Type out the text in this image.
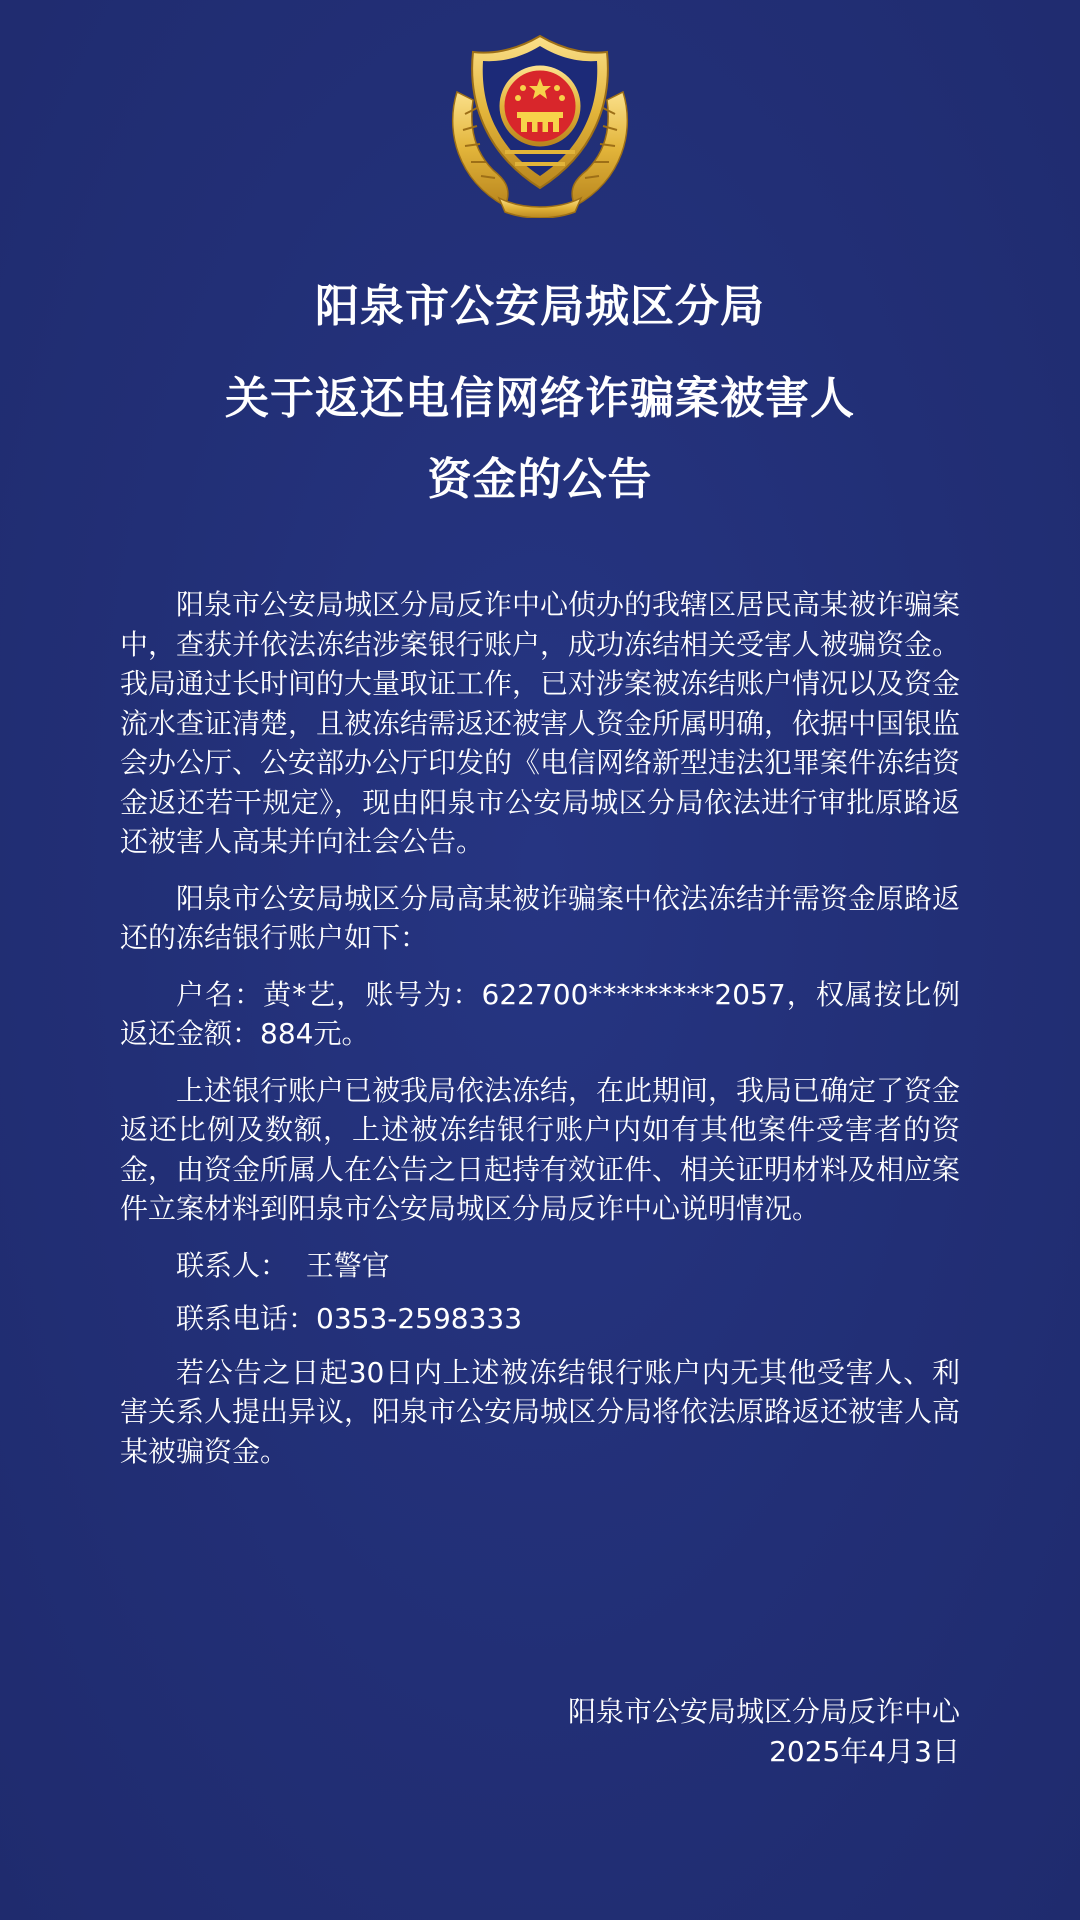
阳泉市公安局城区分局
关于返还电信网络诈骗案被害人
资金的公告

阳泉市公安局城区分局反诈中心侦办的我辖区居民高某被诈骗案中，查获并依法冻结涉案银行账户，成功冻结相关受害人被骗资金。我局通过长时间的大量取证工作，已对涉案被冻结账户情况以及资金流水查证清楚，且被冻结需返还被害人资金所属明确，依据中国银监会办公厅、公安部办公厅印发的《电信网络新型违法犯罪案件冻结资金返还若干规定》，现由阳泉市公安局城区分局依法进行审批原路返还被害人高某并向社会公告。

阳泉市公安局城区分局高某被诈骗案中依法冻结并需资金原路返还的冻结银行账户如下：

户名：黄*艺，账号为：622700*********2057，权属按比例返还金额：884元。

上述银行账户已被我局依法冻结，在此期间，我局已确定了资金返还比例及数额，上述被冻结银行账户内如有其他案件受害者的资金，由资金所属人在公告之日起持有效证件、相关证明材料及相应案件立案材料到阳泉市公安局城区分局反诈中心说明情况。

联系人：  王警官

联系电话：0353-2598333

若公告之日起30日内上述被冻结银行账户内无其他受害人、利害关系人提出异议，阳泉市公安局城区分局将依法原路返还被害人高某被骗资金。

阳泉市公安局城区分局反诈中心
2025年4月3日
